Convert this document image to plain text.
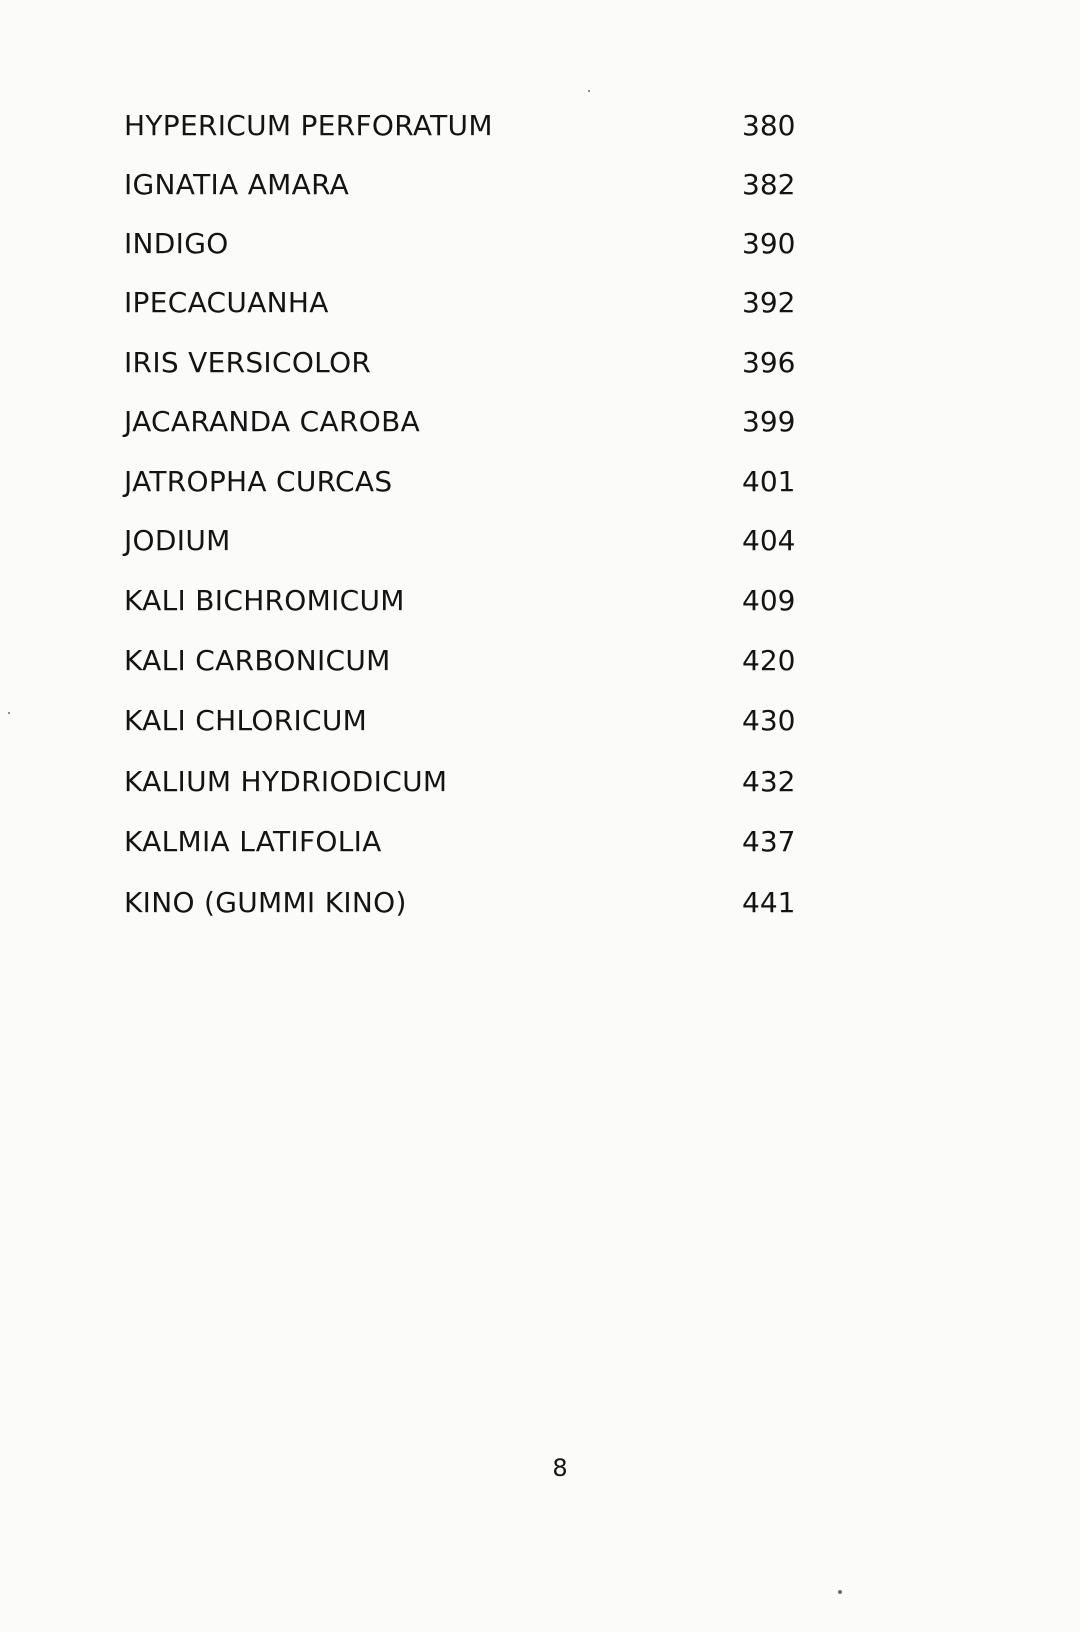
HYPERICUM PERFORATUM	380
IGNATIA AMARA	382
INDIGO	390
IPECACUANHA	392
IRIS VERSICOLOR	396
JACARANDA CAROBA	399
JATROPHA CURCAS	401
JODIUM	404
KALI BICHROMICUM	409
KALI CARBONICUM	420
KALI CHLORICUM	430
KALIUM HYDRIODICUM	432
KALMIA LATIFOLIA	437
KINO (GUMMI KINO)	441
8
